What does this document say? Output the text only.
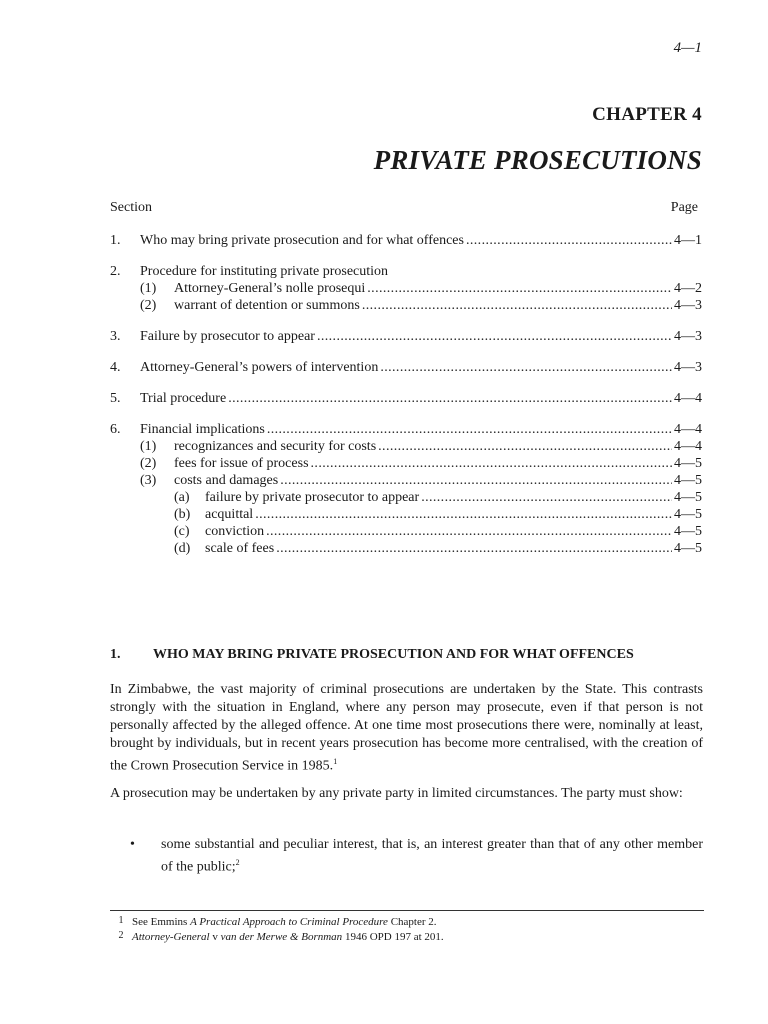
4—1
CHAPTER 4
PRIVATE PROSECUTIONS
Section	Page
1.	Who may bring private prosecution and for what offences .....	4—1
2.	Procedure for instituting private prosecution
(1)	Attorney-General’s nolle prosequi .....	4—2
(2)	warrant of detention or summons .....	4—3
3.	Failure by prosecutor to appear .....	4—3
4.	Attorney-General’s powers of intervention .....	4—3
5.	Trial procedure .....	4—4
6.	Financial implications .....	4—4
(1)	recognizances and security for costs .....	4—4
(2)	fees for issue of process .....	4—5
(3)	costs and damages .....	4—5
(a)	failure by private prosecutor to appear .....	4—5
(b)	acquittal .....	4—5
(c)	conviction .....	4—5
(d)	scale of fees .....	4—5
1. WHO MAY BRING PRIVATE PROSECUTION AND FOR WHAT OFFENCES

In Zimbabwe, the vast majority of criminal prosecutions are undertaken by the State. This contrasts strongly with the situation in England, where any person may prosecute, even if that person is not personally affected by the alleged offence. At one time most prosecutions there were, nominally at least, brought by individuals, but in recent years prosecution has become more centralised, with the creation of the Crown Prosecution Service in 1985.$^1$

A prosecution may be undertaken by any private party in limited circumstances. The party must show:

•	some substantial and peculiar interest, that is, an interest greater than that of any other member of the public;$^2$
1 See Emmins A Practical Approach to Criminal Procedure Chapter 2.
2 Attorney-General v van der Merwe & Bornman 1946 OPD 197 at 201.
